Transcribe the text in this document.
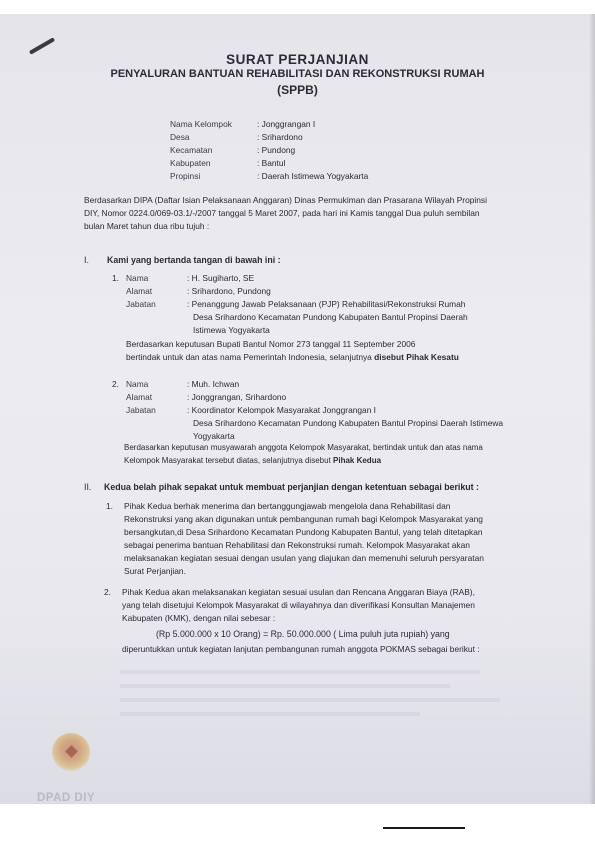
SURAT PERJANJIAN
PENYALURAN BANTUAN REHABILITASI DAN REKONSTRUKSI RUMAH
(SPPB)
Nama Kelompok	: Jonggrangan I
Desa	: Srihardono
Kecamatan	: Pundong
Kabupaten	: Bantul
Propinsi	: Daerah Istimewa Yogyakarta
Berdasarkan DIPA (Daftar Isian Pelaksanaan Anggaran) Dinas Permukiman dan Prasarana Wilayah Propinsi
DIY, Nomor 0224.0/069-03.1/-/2007 tanggal 5 Maret 2007, pada hari ini Kamis tanggal Dua puluh sembilan
bulan Maret tahun dua ribu tujuh :
I. Kami yang bertanda tangan di bawah ini :
1. Nama	: H. Sugiharto, SE
Alamat	: Srihardono, Pundong
Jabatan	: Penanggung Jawab Pelaksanaan (PJP) Rehabilitasi/Rekonstruksi Rumah
Desa Srihardono Kecamatan Pundong Kabupaten Bantul Propinsi Daerah
Istimewa Yogyakarta
Berdasarkan keputusan Bupati Bantul Nomor 273 tanggal 11 September 2006
bertindak untuk dan atas nama Pemerintah Indonesia, selanjutnya disebut Pihak Kesatu
2. Nama	: Muh. Ichwan
Alamat	: Jonggrangan, Srihardono
Jabatan	: Koordinator Kelompok Masyarakat Jonggrangan I
Desa Srihardono Kecamatan Pundong Kabupaten Bantul Propinsi Daerah Istimewa
Yogyakarta
Berdasarkan keputusan musyawarah anggota Kelompok Masyarakat, bertindak untuk dan atas nama
Kelompok Masyarakat tersebut diatas, selanjutnya disebut Pihak Kedua
II. Kedua belah pihak sepakat untuk membuat perjanjian dengan ketentuan sebagai berikut :
1. Pihak Kedua berhak menerima dan bertanggungjawab mengelola dana Rehabilitasi dan
Rekonstruksi yang akan digunakan untuk pembangunan rumah bagi Kelompok Masyarakat yang
bersangkutan,di Desa Srihardono Kecamatan Pundong Kabupaten Bantul, yang telah ditetapkan
sebagai penerima bantuan Rehabilitasi dan Rekonstruksi rumah. Kelompok Masyarakat akan
melaksanakan kegiatan sesuai dengan usulan yang diajukan dan memenuhi seluruh persyaratan
Surat Perjanjian.
2. Pihak Kedua akan melaksanakan kegiatan sesuai usulan dan Rencana Anggaran Biaya (RAB),
yang telah disetujui Kelompok Masyarakat di wilayahnya dan diverifikasi Konsultan Manajemen
Kabupaten (KMK), dengan nilai sebesar :
(Rp 5.000.000 x 10 Orang) = Rp. 50.000.000 ( Lima puluh juta rupiah) yang
diperuntukkan untuk kegiatan lanjutan pembangunan rumah anggota POKMAS sebagai berikut :
DPAD DIY
